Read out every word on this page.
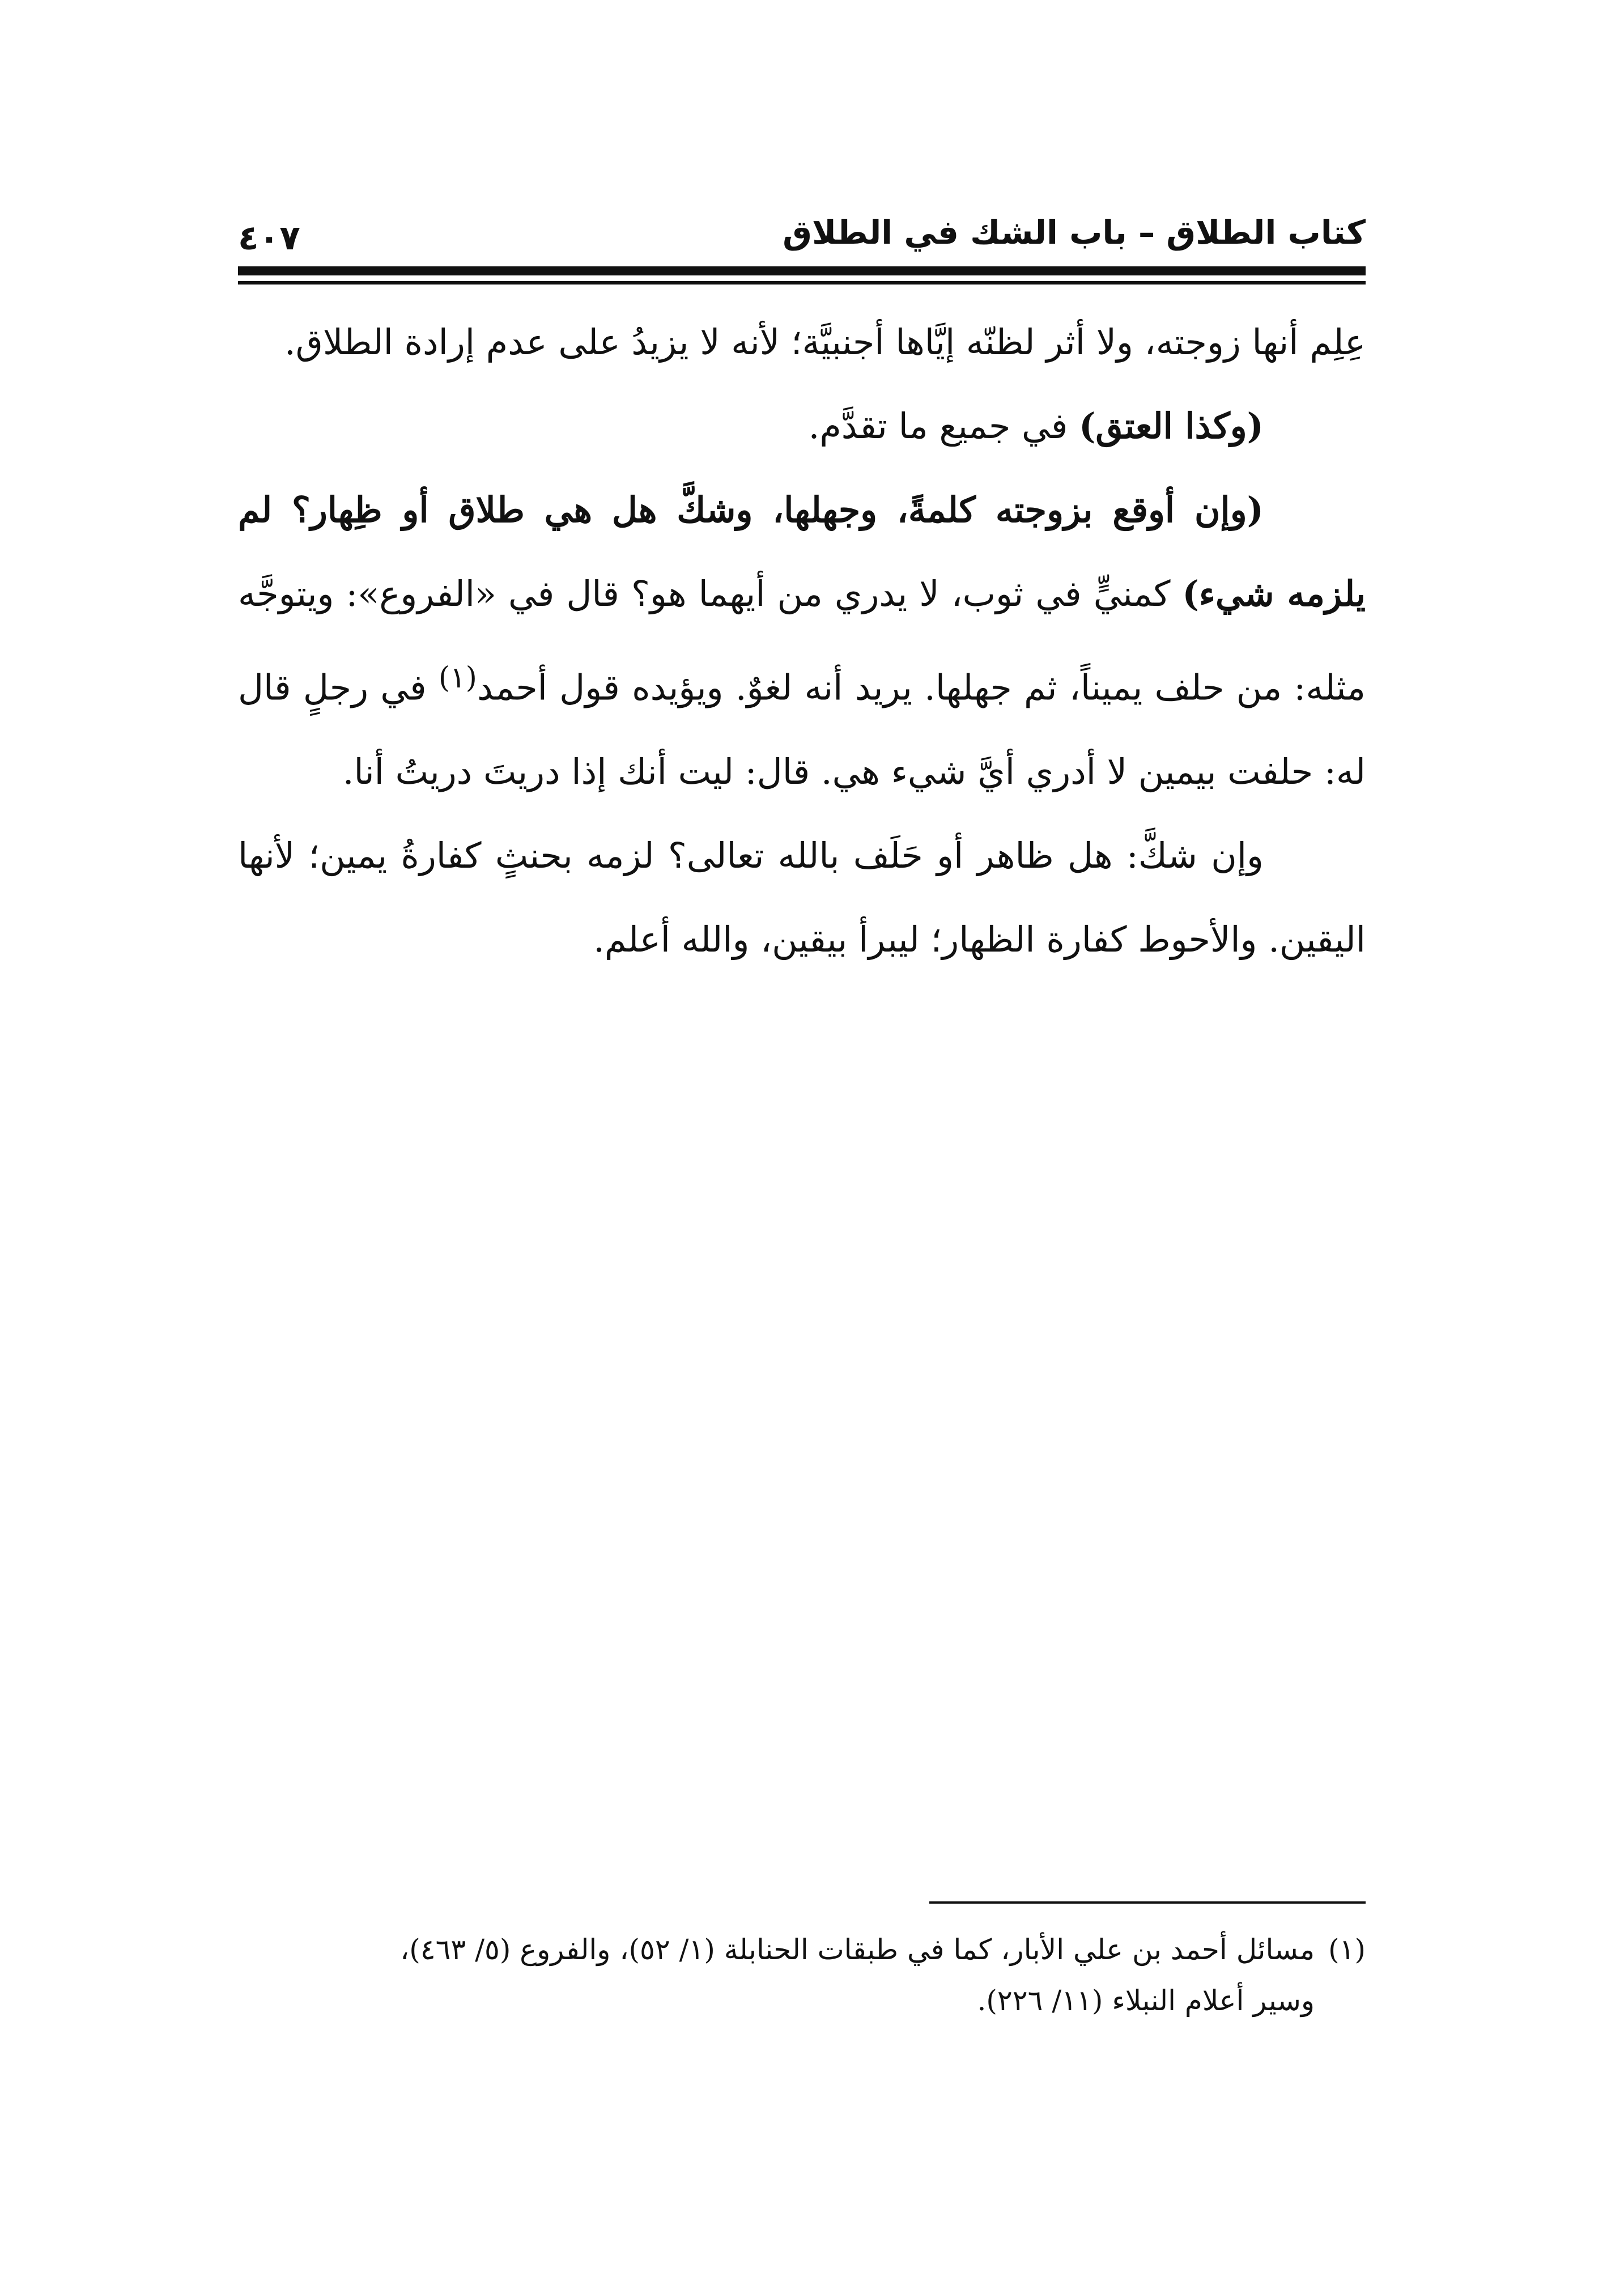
كتاب الطلاق – باب الشك في الطلاق
٤٠٧

عِلِم أنها زوجته، ولا أثر لظنّه إيَّاها أجنبيَّة؛ لأنه لا يزيدُ على عدم إرادة الطلاق.

(وكذا العتق) في جميع ما تقدَّم.

(وإن أوقع بزوجته كلمةً، وجهلها، وشكَّ هل هي طلاق أو ظِهار؟ لم يلزمه شيء) كمنيٍّ في ثوب، لا يدري من أيهما هو؟ قال في «الفروع»: ويتوجَّه مثله: من حلف يميناً، ثم جهلها. يريد أنه لغوٌ. ويؤيده قول أحمد$^{(١)}$ في رجلٍ قال له: حلفت بيمين لا أدري أيَّ شيء هي. قال: ليت أنك إذا دريتَ دريتُ أنا.

وإن شكَّ: هل ظاهر أو حَلَف بالله تعالى؟ لزمه بحنثٍ كفارةُ يمين؛ لأنها اليقين. والأحوط كفارة الظهار؛ ليبرأ بيقين، والله أعلم.

(١)مسائل أحمد بن علي الأبار، كما في طبقات الحنابلة (١/ ٥٢)، والفروع (٥/ ٤٦٣)،

وسير أعلام النبلاء (١١/ ٢٢٦).
